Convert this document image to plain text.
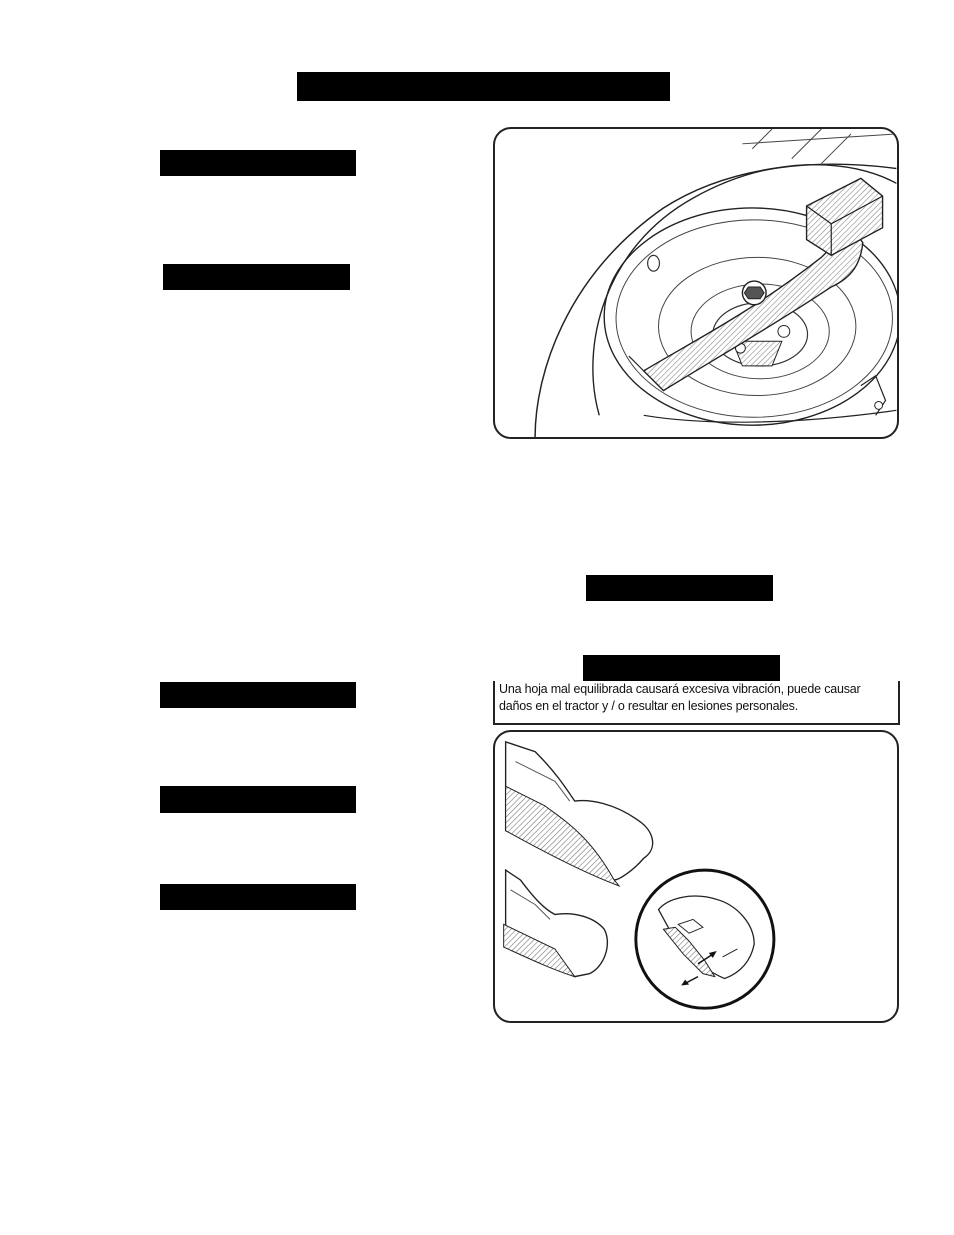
Una hoja mal equilibrada causará excesiva vibración, puede causar
daños en el tractor y / o resultar en lesiones personales.
